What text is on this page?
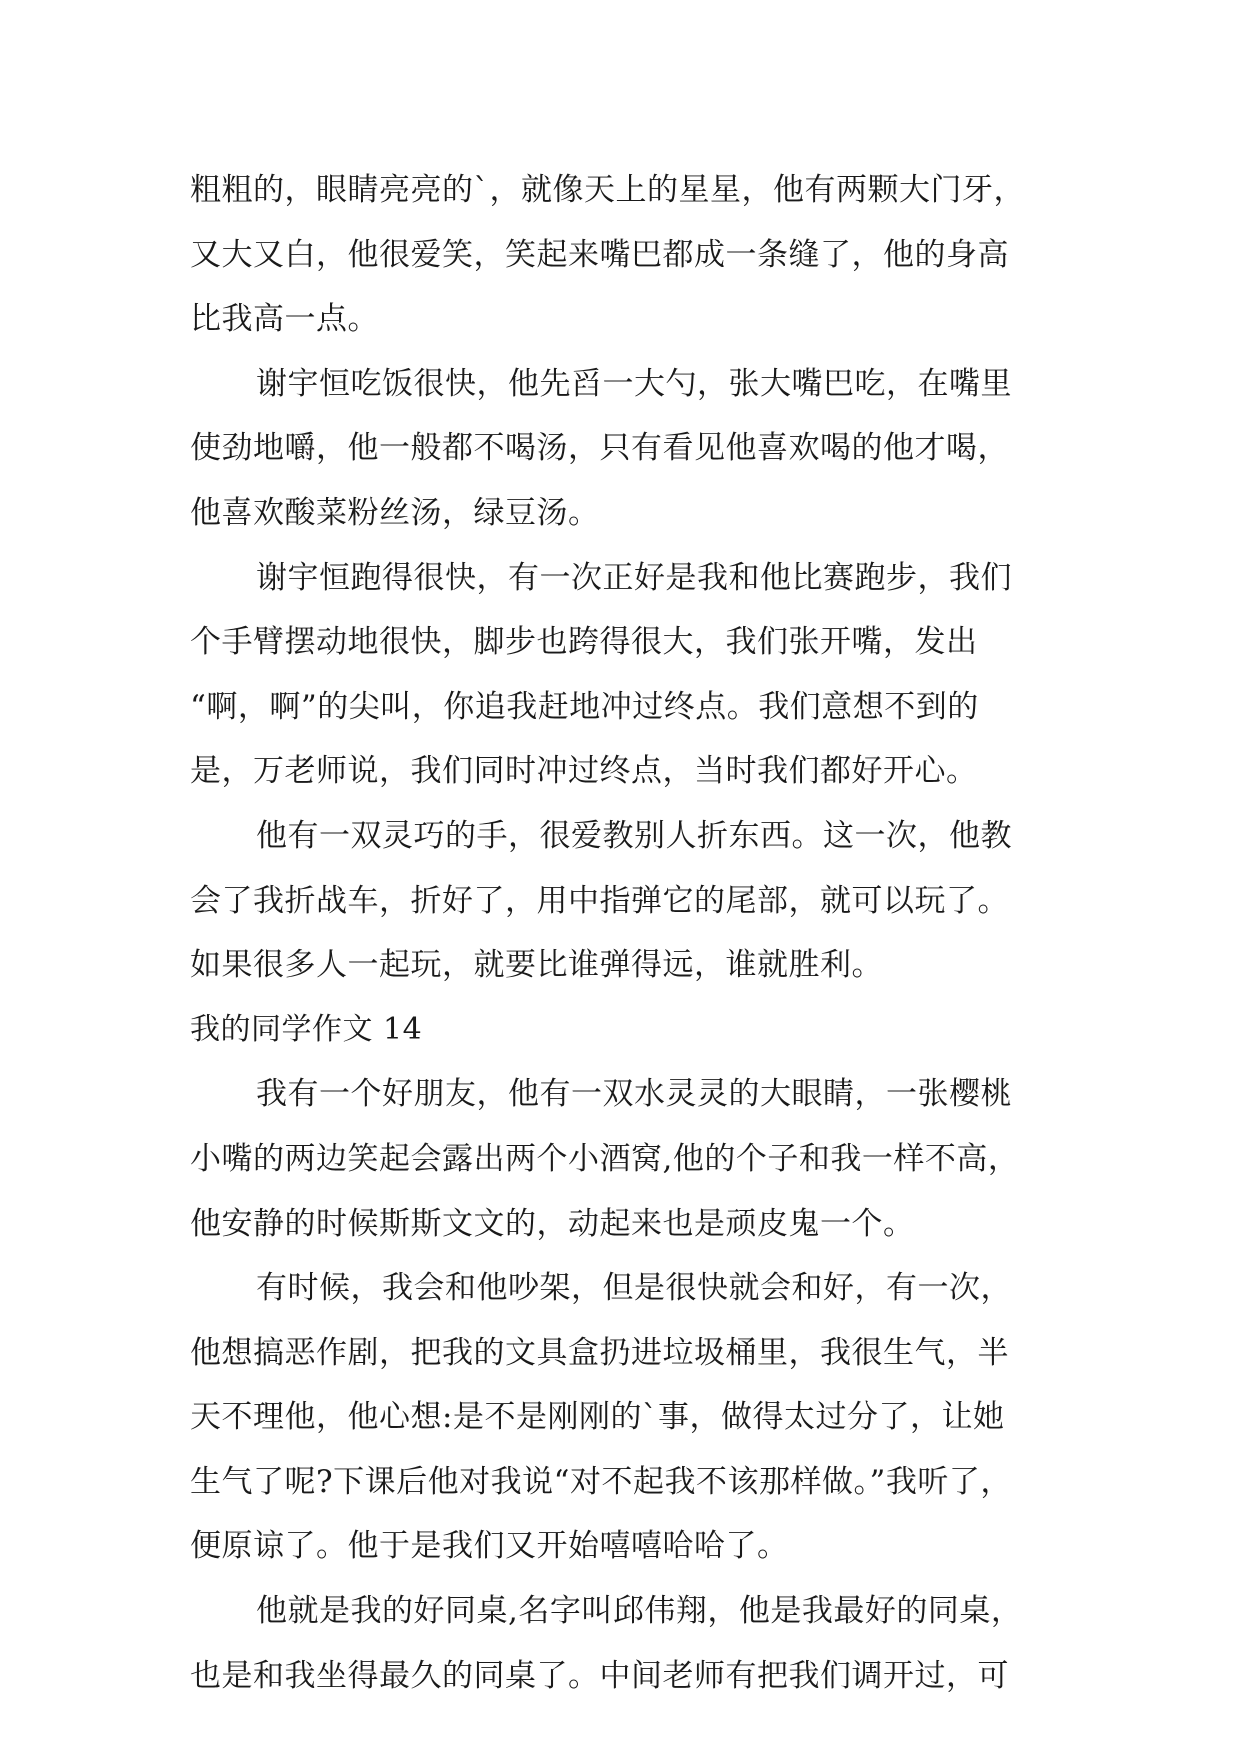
粗粗的，眼睛亮亮的`，就像天上的星星，他有两颗大门牙，
又大又白，他很爱笑，笑起来嘴巴都成一条缝了，他的身高
比我高一点。
谢宇恒吃饭很快，他先舀一大勺，张大嘴巴吃，在嘴里
使劲地嚼，他一般都不喝汤，只有看见他喜欢喝的他才喝，
他喜欢酸菜粉丝汤，绿豆汤。
谢宇恒跑得很快，有一次正好是我和他比赛跑步，我们
个手臂摆动地很快，脚步也跨得很大，我们张开嘴，发出
“啊，啊”的尖叫，你追我赶地冲过终点。我们意想不到的
是，万老师说，我们同时冲过终点，当时我们都好开心。
他有一双灵巧的手，很爱教别人折东西。这一次，他教
会了我折战车，折好了，用中指弹它的尾部，就可以玩了。
如果很多人一起玩，就要比谁弹得远，谁就胜利。
我的同学作文 14
我有一个好朋友，他有一双水灵灵的大眼睛，一张樱桃
小嘴的两边笑起会露出两个小酒窝,他的个子和我一样不高，
他安静的时候斯斯文文的，动起来也是顽皮鬼一个。
有时候，我会和他吵架，但是很快就会和好，有一次，
他想搞恶作剧，把我的文具盒扔进垃圾桶里，我很生气，半
天不理他，他心想:是不是刚刚的`事，做得太过分了，让她
生气了呢?下课后他对我说“对不起我不该那样做。”我听了，
便原谅了。他于是我们又开始嘻嘻哈哈了。
他就是我的好同桌,名字叫邱伟翔，他是我最好的同桌，
也是和我坐得最久的同桌了。中间老师有把我们调开过，可
